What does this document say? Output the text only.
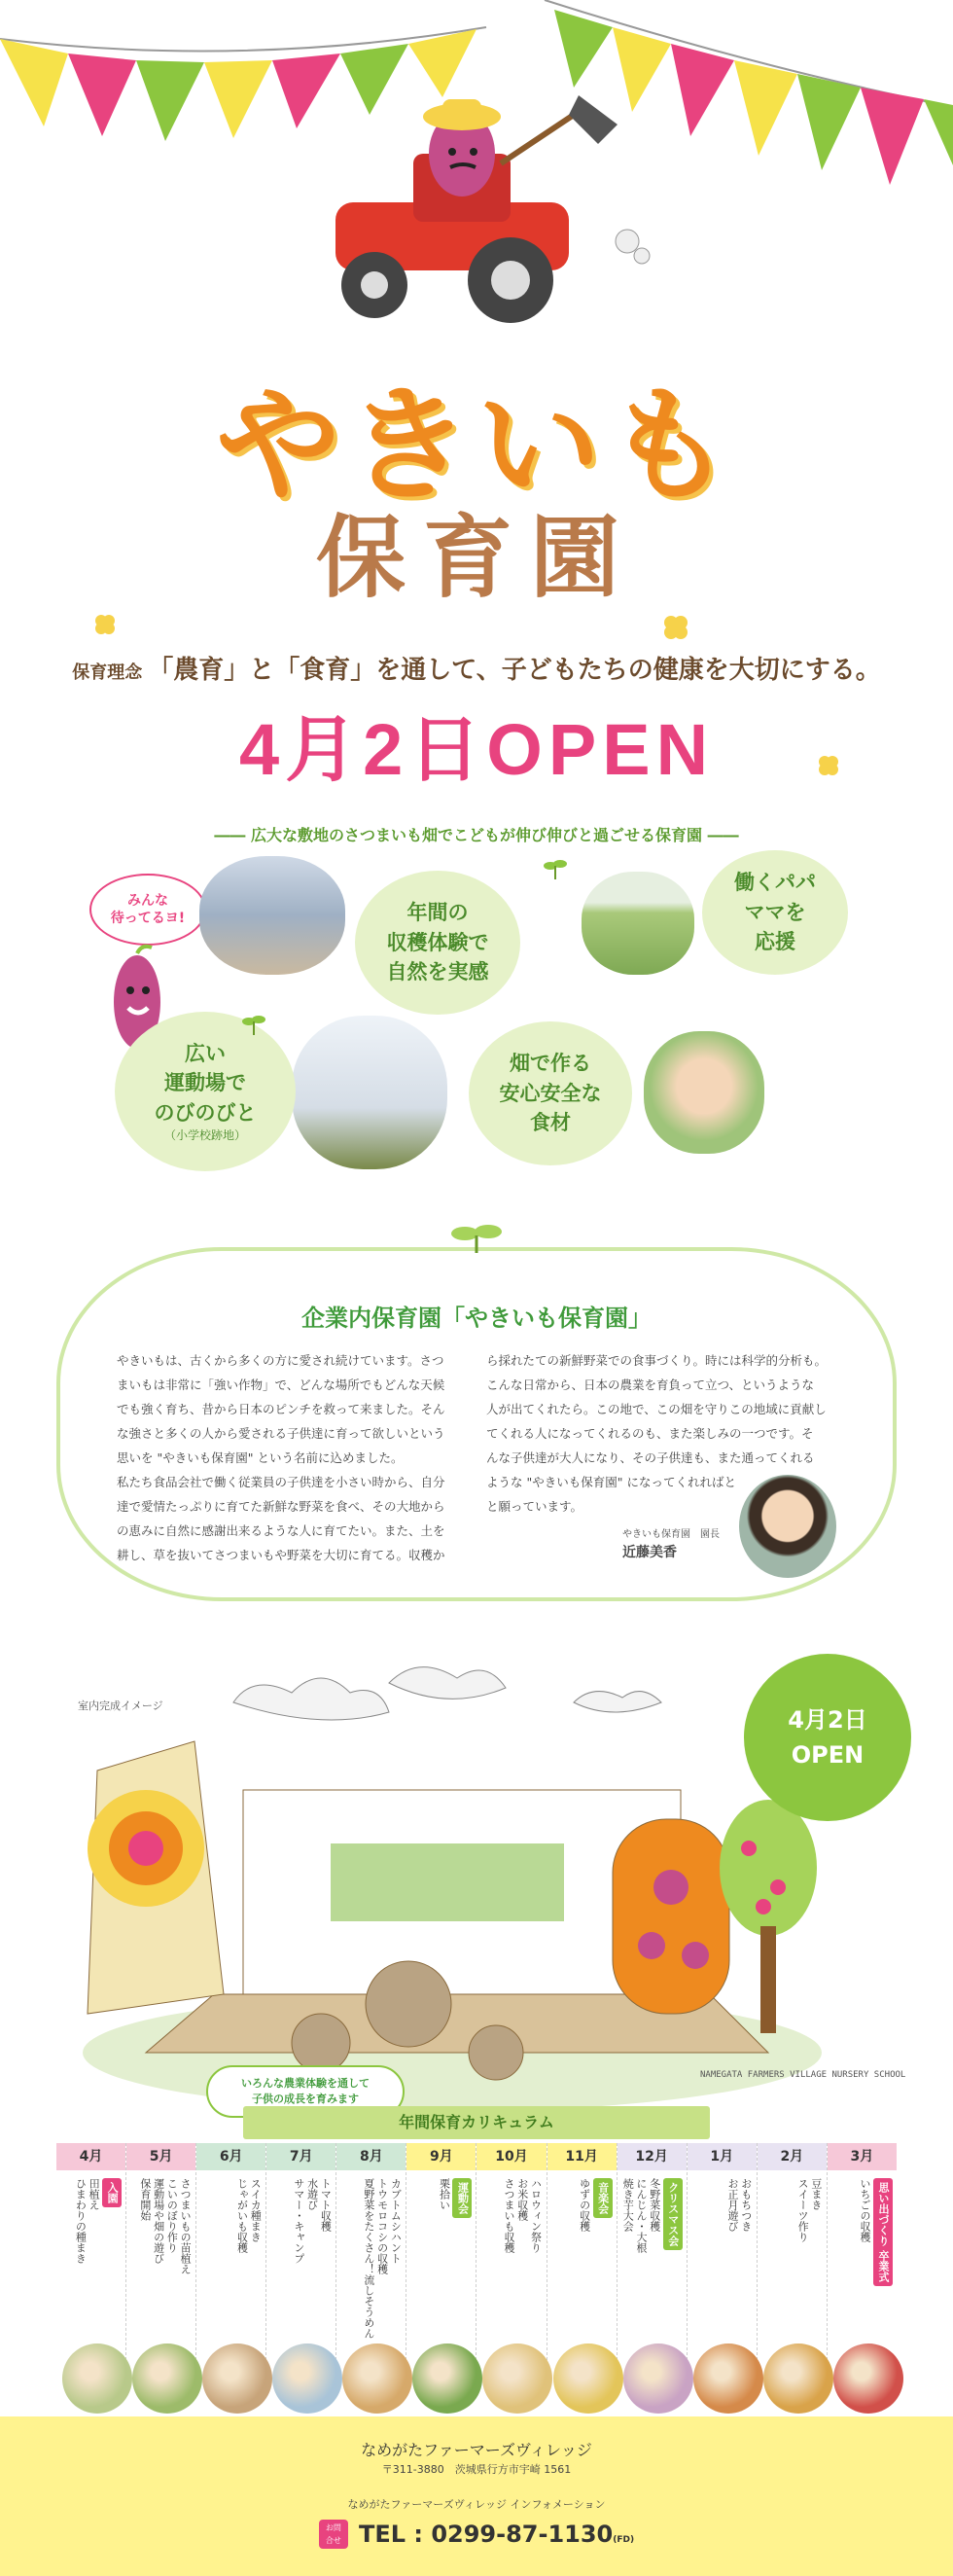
やきいも
保育園
保育理念 「農育」と「食育」を通して、子どもたちの健康を大切にする。
4月2日OPEN
―― 広大な敷地のさつまいも畑でこどもが伸び伸びと過ごせる保育園 ――
みんな
待ってるヨ!	年間の
収穫体験で
自然を実感
働くパパ
ママを
応援
広い
運動場で
のびのびと
（小学校跡地）
畑で作る
安心安全な
食材
企業内保育園「やきいも保育園」
やきいもは、古くから多くの方に愛され続けています。さつ
まいもは非常に「強い作物」で、どんな場所でもどんな天候
でも強く育ち、昔から日本のピンチを救って来ました。そん
な強さと多くの人から愛される子供達に育って欲しいという
思いを "やきいも保育園" という名前に込めました。
私たち食品会社で働く従業員の子供達を小さい時から、自分
達で愛情たっぷりに育てた新鮮な野菜を食べ、その大地から
の恵みに自然に感謝出来るような人に育てたい。また、土を
耕し、草を抜いてさつまいもや野菜を大切に育てる。収穫か
ら採れたての新鮮野菜での食事づくり。時には科学的分析も。
こんな日常から、日本の農業を育負って立つ、というような
人が出てくれたら。この地で、この畑を守りこの地域に貢献し
てくれる人になってくれるのも、また楽しみの一つです。そ
んな子供達が大人になり、その子供達も、また通ってくれる
ような "やきいも保育園" になってくれればと
と願っています。
やきいも保育園　園長
近藤美香
室内完成イメージ
NAMEGATA FARMERS VILLAGE NURSERY SCHOOL
4月2日
OPEN
いろんな農業体験を通して
子供の成長を育みます
年間保育カリキュラム
4月
入園
田植え
ひまわりの種まき
5月
さつまいもの苗植え
こいのぼり作り
運動場や畑の遊び
保育開始
6月
スイカ種まき
じゃがいも収穫
7月
トマト収穫
水遊び
サマー・キャンプ
8月
カブトムシハント
トウモロコシの収穫
夏野菜をたくさん！流しそうめん
9月
運動会
栗拾い
10月
ハロウィン祭り
お米収穫
さつまいも収穫
11月
音楽会
ゆずの収穫
12月
クリスマス会
冬野菜収穫
にんじん・大根
焼き芋大会
1月
おもちつき
お正月遊び
2月
豆まき
スイーツ作り
3月
思い出づくり 卒業式
いちごの収穫
なめがたファーマーズヴィレッジ
〒311-3880　茨城県行方市宇崎 1561
なめがたファーマーズヴィレッジ インフォメーション
お問
合せ TEL : 0299-87-1130(FD)
